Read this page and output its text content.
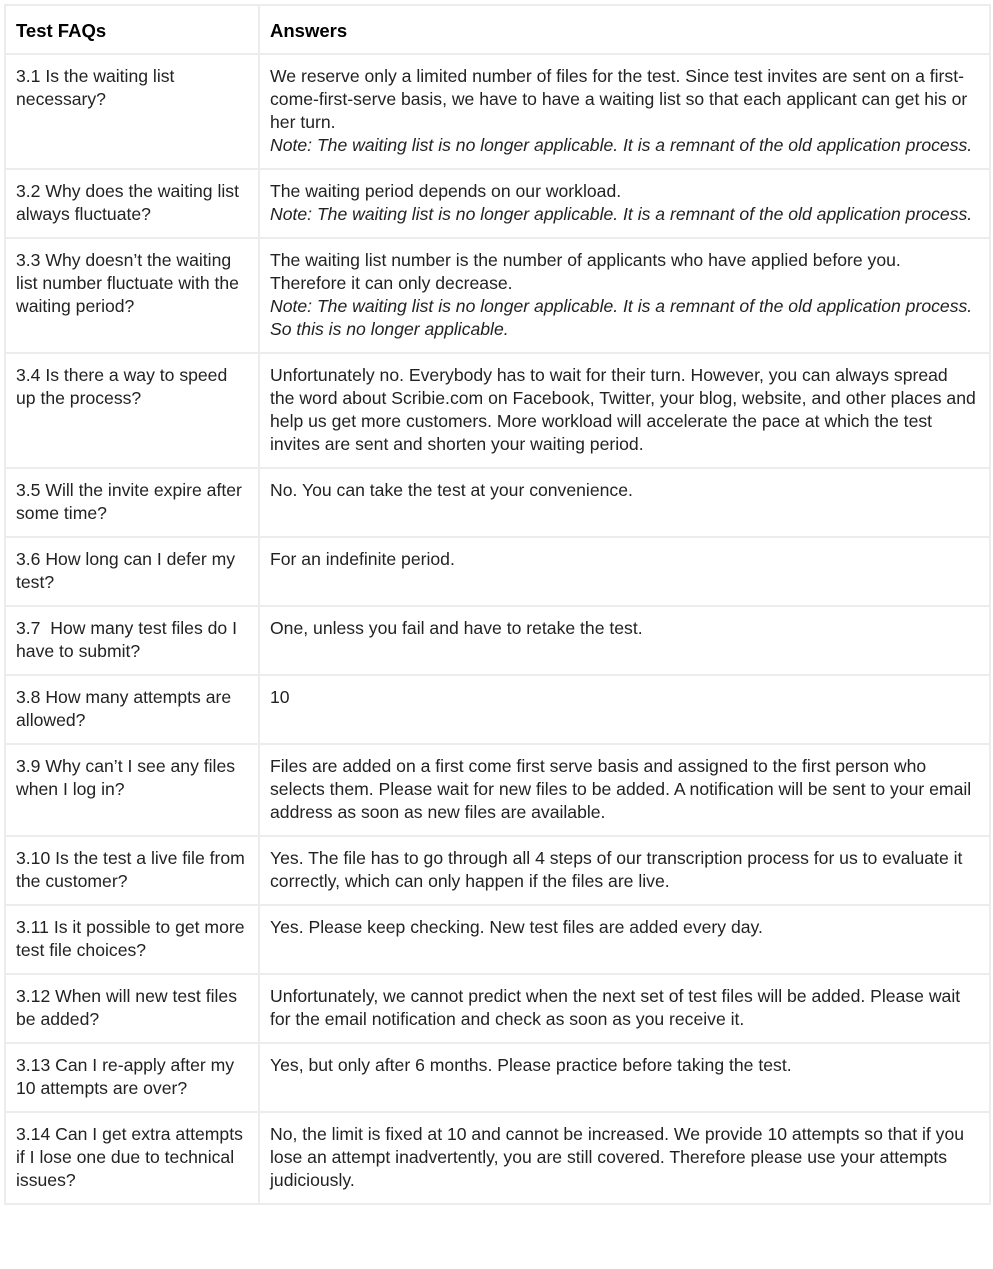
Test FAQs	Answers
3.1 Is the waiting list necessary?	We reserve only a limited number of files for the test. Since test invites are sent on a first-come-first-serve basis, we have to have a waiting list so that each applicant can get his or her turn.
Note: The waiting list is no longer applicable. It is a remnant of the old application process.

3.2 Why does the waiting list always fluctuate?	The waiting period depends on our workload.
Note: The waiting list is no longer applicable. It is a remnant of the old application process.

3.3 Why doesn’t the waiting list number fluctuate with the waiting period?	The waiting list number is the number of applicants who have applied before you. Therefore it can only decrease.
Note: The waiting list is no longer applicable. It is a remnant of the old application process. So this is no longer applicable.

3.4 Is there a way to speed up the process?	Unfortunately no. Everybody has to wait for their turn. However, you can always spread the word about Scribie.com on Facebook, Twitter, your blog, website, and other places and help us get more customers. More workload will accelerate the pace at which the test invites are sent and shorten your waiting period.
3.5 Will the invite expire after some time?	No. You can take the test at your convenience.
3.6 How long can I defer my test?	For an indefinite period.
3.7  How many test files do I have to submit?	One, unless you fail and have to retake the test.
3.8 How many attempts are allowed?	10
3.9 Why can’t I see any files when I log in?	Files are added on a first come first serve basis and assigned to the first person who selects them. Please wait for new files to be added. A notification will be sent to your email address as soon as new files are available.
3.10 Is the test a live file from the customer?	Yes. The file has to go through all 4 steps of our transcription process for us to evaluate it correctly, which can only happen if the files are live.
3.11 Is it possible to get more test file choices?	Yes. Please keep checking. New test files are added every day.
3.12 When will new test files be added?	Unfortunately, we cannot predict when the next set of test files will be added. Please wait for the email notification and check as soon as you receive it.
3.13 Can I re-apply after my 10 attempts are over?	Yes, but only after 6 months. Please practice before taking the test.
3.14 Can I get extra attempts if I lose one due to technical issues?	No, the limit is fixed at 10 and cannot be increased. We provide 10 attempts so that if you lose an attempt inadvertently, you are still covered. Therefore please use your attempts judiciously.
